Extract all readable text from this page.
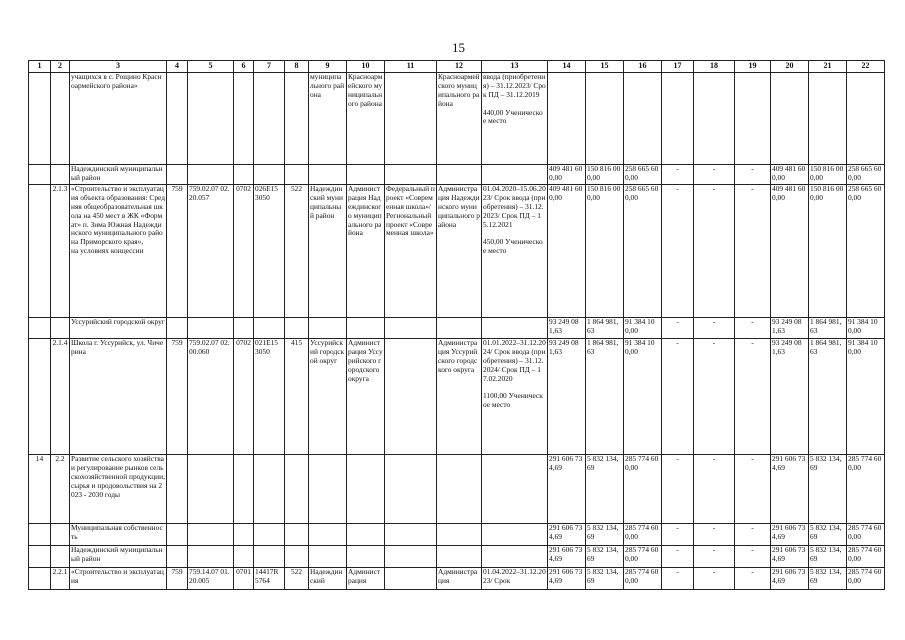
15
1	2	3	4	5	6	7	8	9	10	11	12	13	14	15	16	17	18	19	20	21	22
		учащихся в с. Рощино Красноармейского района»						муниципального района	Красноармейского муниципального района		Красноармейского муниципального района	ввода (приобретения) – 31.12.2023/ Срок ПД – 31.12.2019

440,00 Ученическое место									
		Надеждинский муниципальный район											409 481 600,00	150 816 000,00	258 665 600,00	-	-	-	409 481 600,00	150 816 000,00	258 665 600,00
	2.1.3	«Строительство и эксплуатация объекта образования: Средняя общеобразовательная школа на 450 мест в ЖК «Формат» п. Зима Южная Надеждинского муниципального района Приморского края»,
на условиях концессии	759	759.02.07 02.20.057	0702	026E15 3050	522	Надеждинский муниципальный район	Администрация Надеждинского муниципального района	Федеральный проект «Современная школа»/Региональный проект «Современная школа»	Администрация Надеждинского муниципального района	01.04.2020–15.06.2023/ Срок ввода (приобретения) – 31.12.2023/ Срок ПД – 15.12.2021

450,00 Ученическое место	409 481 600,00	150 816 000,00	258 665 600,00	-	-	-	409 481 600,00	150 816 000,00	258 665 600,00
		Уссурийский городской округ											93 249 081,63	1 864 981,63	91 384 100,00	-	-	-	93 249 081,63	1 864 981,63	91 384 100,00
	2.1.4	Школа г. Уссурийск, ул. Чичерина	759	759.02.07 02.00.060	0702	021E15 3050	415	Уссурийский городской округ	Администрация Уссурийского городского округа		Администрация Уссурийского городского округа	01.01.2022–31.12.2024/ Срок ввода (приобретения) – 31.12.2024/ Срок ПД – 17.02.2020

1100,00 Ученическое место	93 249 081,63	1 864 981,63	91 384 100,00	-	-	-	93 249 081,63	1 864 981,63	91 384 100,00
14	2.2	Развитие сельского хозяйства и регулирование рынков сельскохозяйственной продукции, сырья и продовольствия на 2023 - 2030 годы											291 606 734,69	5 832 134,69	285 774 600,00	-	-	-	291 606 734,69	5 832 134,69	285 774 600,00
		Муниципальная собственность											291 606 734,69	5 832 134,69	285 774 600,00	-	-	-	291 606 734,69	5 832 134,69	285 774 600,00
		Надеждинский муниципальный район											291 606 734,69	5 832 134,69	285 774 600,00	-	-	-	291 606 734,69	5 832 134,69	285 774 600,00
	2.2.1	«Строительство и эксплуатация	759	759.14.07 01.20.005	0701	14417R 5764	522	Надеждинский	Администрация		Администрация	01.04.2022–31.12.2023/ Срок	291 606 734,69	5 832 134,69	285 774 600,00	-	-	-	291 606 734,69	5 832 134,69	285 774 600,00
